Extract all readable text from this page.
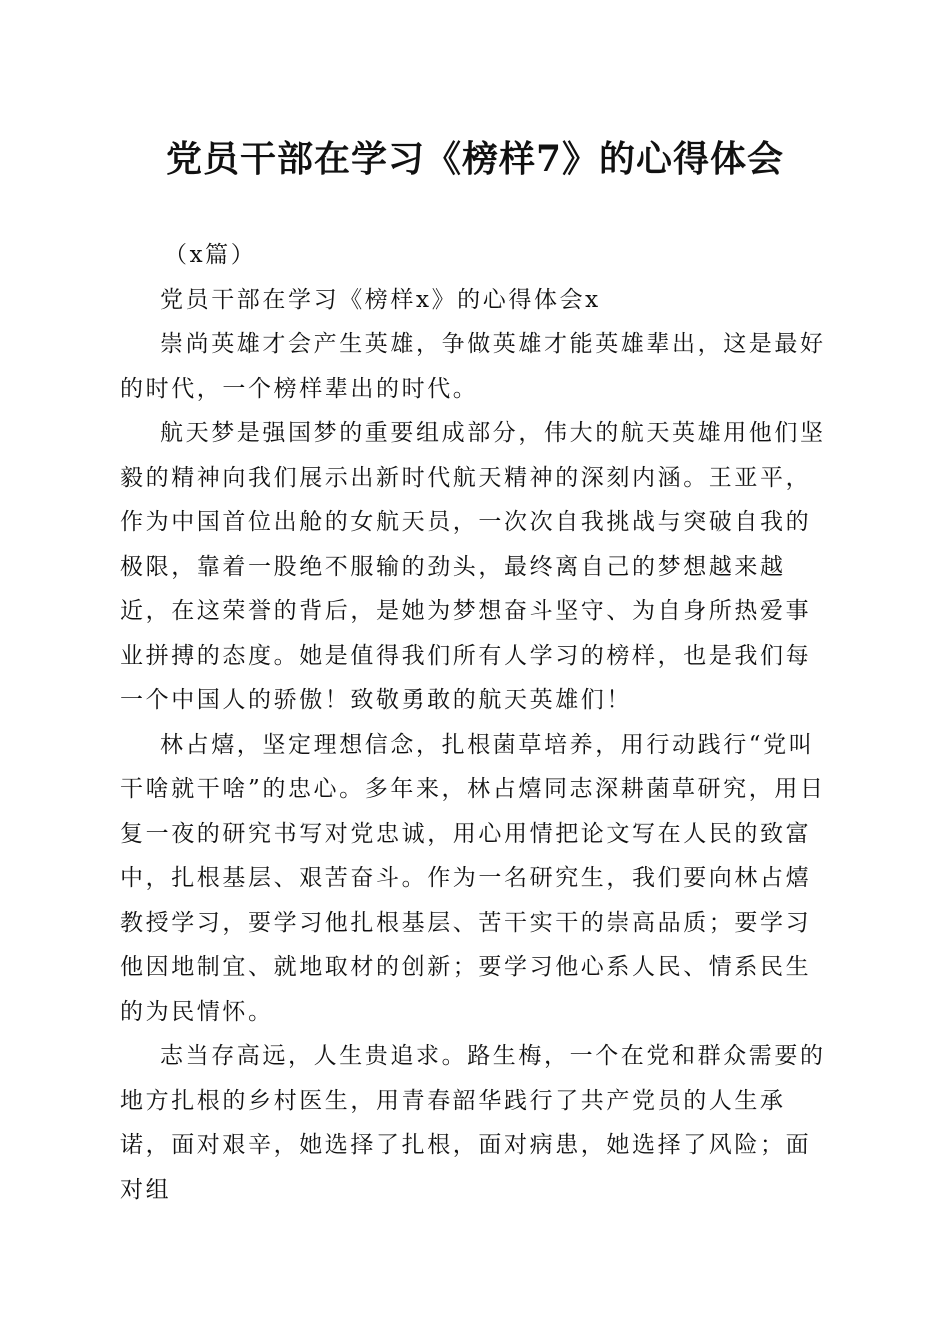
党员干部在学习《榜样7》的心得体会

（x篇）

党员干部在学习《榜样x》的心得体会x

崇尚英雄才会产生英雄，争做英雄才能英雄辈出，这是最好的时代，一个榜样辈出的时代。

航天梦是强国梦的重要组成部分，伟大的航天英雄用他们坚毅的精神向我们展示出新时代航天精神的深刻内涵。王亚平，作为中国首位出舱的女航天员，一次次自我挑战与突破自我的极限，靠着一股绝不服输的劲头，最终离自己的梦想越来越近，在这荣誉的背后，是她为梦想奋斗坚守、为自身所热爱事业拼搏的态度。她是值得我们所有人学习的榜样，也是我们每一个中国人的骄傲！致敬勇敢的航天英雄们！

林占熺，坚定理想信念，扎根菌草培养，用行动践行“党叫干啥就干啥”的忠心。多年来，林占熺同志深耕菌草研究，用日复一夜的研究书写对党忠诚，用心用情把论文写在人民的致富中，扎根基层、艰苦奋斗。作为一名研究生，我们要向林占熺教授学习，要学习他扎根基层、苦干实干的崇高品质；要学习他因地制宜、就地取材的创新；要学习他心系人民、情系民生的为民情怀。

志当存高远，人生贵追求。路生梅，一个在党和群众需要的地方扎根的乡村医生，用青春韶华践行了共产党员的人生承诺，面对艰辛，她选择了扎根，面对病患，她选择了风险；面对组
